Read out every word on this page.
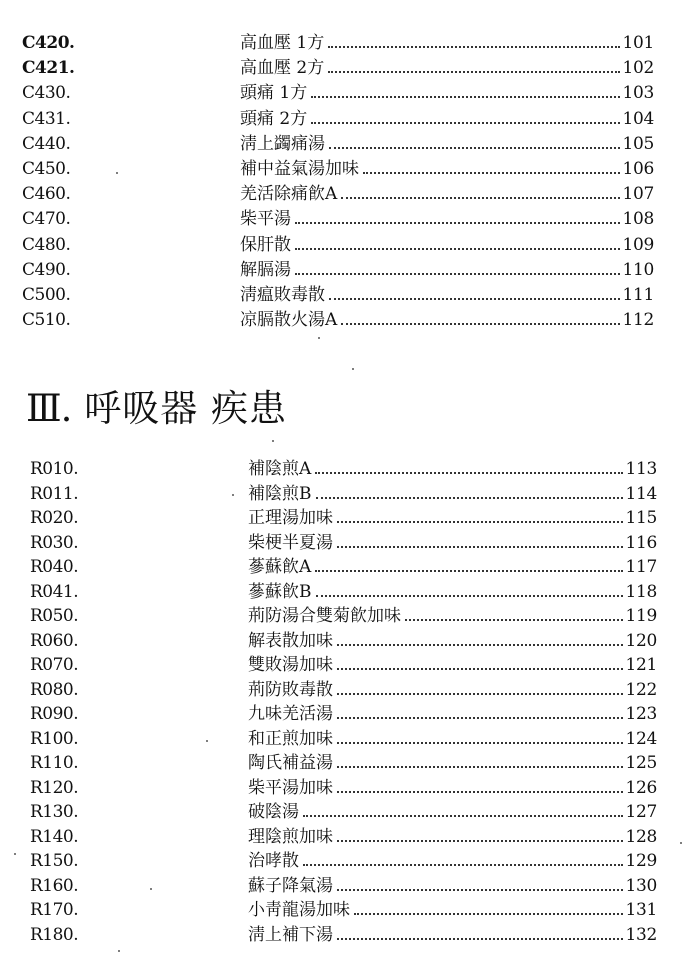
C420.	高血壓 1方	101
C421.	高血壓 2方	102
C430.	頭痛 1方	103
C431.	頭痛 2方	104
C440.	淸上蠲痛湯	105
C450.	補中益氣湯加味	106
C460.	羌活除痛飮A	107
C470.	柴平湯	108
C480.	保肝散	109
C490.	解膈湯	110
C500.	淸瘟敗毒散	111
C510.	凉膈散火湯A	112
Ⅲ. 呼吸器 疾患
R010.	補陰煎A	113
R011.	補陰煎B	114
R020.	正理湯加味	115
R030.	柴梗半夏湯	116
R040.	蔘蘇飮A	117
R041.	蔘蘇飮B	118
R050.	荊防湯合雙菊飮加味	119
R060.	解表散加味	120
R070.	雙敗湯加味	121
R080.	荊防敗毒散	122
R090.	九味羌活湯	123
R100.	和正煎加味	124
R110.	陶氏補益湯	125
R120.	柴平湯加味	126
R130.	破陰湯	127
R140.	理陰煎加味	128
R150.	治哮散	129
R160.	蘇子降氣湯	130
R170.	小靑龍湯加味	131
R180.	淸上補下湯	132
